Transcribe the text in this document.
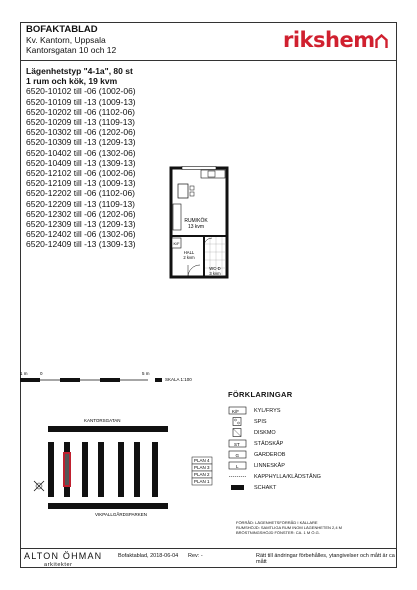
BOFAKTABLAD
Kv. Kantorn, Uppsala
Kantorsgatan 10 och 12	rikshem
Lägenhetstyp "4-1a", 80 st
1 rum och kök, 19 kvm
6520-10102 till -06 (1002-06)
6520-10109 till -13 (1009-13)
6520-10202 till -06 (1102-06)
6520-10209 till -13 (1109-13)
6520-10302 till -06 (1202-06)
6520-10309 till -13 (1209-13)
6520-10402 till -06 (1302-06)
6520-10409 till -13 (1309-13)
6520-12102 till -06 (1002-06)
6520-12109 till -13 (1009-13)
6520-12202 till -06 (1102-06)
6520-12209 till -13 (1109-13)
6520-12302 till -06 (1202-06)
6520-12309 till -13 (1209-13)
6520-12402 till -06 (1302-06)
6520-12409 till -13 (1309-13)
RUM/KÖK
13 kvm
WC-D
3 kvm
HALL
2 kvm
K/F
1 m	0	5 m
SKALA 1:100
KANTORSGATAN
VIKPALLGÅRDSPARKEN
PLAN 4
PLAN 3
PLAN 2
PLAN 1
FÖRKLARINGAR
K/F	KYL/FRYS
SPIS
DISKMO
ST	STÄDSKÅP
G	GARDEROB
L	LINNESKÅP
KAPPHYLLA/KLÄDSTÅNG
SCHAKT
FÖRRÅD: LÄGENHETSFÖRRÅD I KÄLLARE
RUMSHÖJD: SAMTLIGA RUM INOM LÄGENHETEN 2,4 M
BRÖSTNINGSHÖJD FÖNSTER: CA. 1 M Ö.G.
ALTON ÖHMAN
arkitekter
Bofaktablad, 2018-06-04 Rev: -	Rätt till ändringar förbehålles, ytangivelser och mått är ca mått
